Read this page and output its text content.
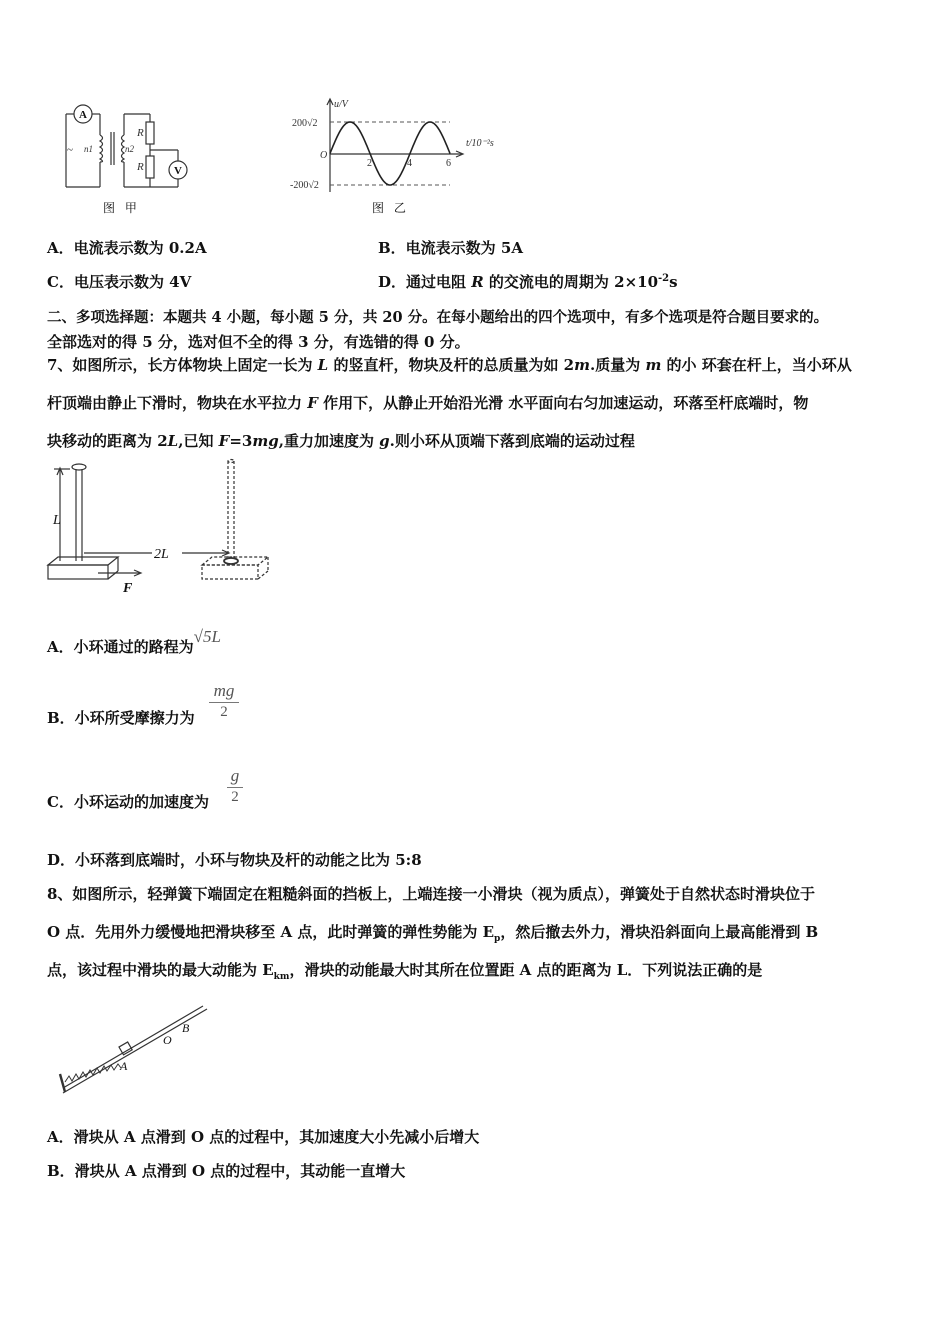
~
A
V
n1	n2
R
R
图 甲
u/V
t/10⁻²s
200√2
-200√2
O
2	4	6
图 乙
A．电流表示数为 0.2A	B．电流表示数为 5A
C．电压表示数为 4V	D．通过电阻 R 的交流电的周期为 $2\times 10^{-2}s$
二、多项选择题：本题共 4 小题，每小题 5 分，共 20 分。在每小题给出的四个选项中，有多个选项是符合题目要求的。
全部选对的得 5 分，选对但不全的得 3 分，有选错的得 0 分。
7、如图所示，长方体物块上固定一长为 L 的竖直杆，物块及杆的总质量为如 2m.质量为 m 的小 环套在杆上，当小环从
杆顶端由静止下滑时，物块在水平拉力 F 作用下，从静止开始沿光滑 水平面向右匀加速运动，环落至杆底端时，物
块移动的距离为 2L,已知 F=3mg,重力加速度为 g.则小环从顶端下落到底端的运动过程
L
2L
F
A．小环通过的路程为√5L
B．小环所受摩擦力为
mg
2
C．小环运动的加速度为
g
2
D．小环落到底端时，小环与物块及杆的动能之比为 5:8
8、如图所示，轻弹簧下端固定在粗糙斜面的挡板上，上端连接一小滑块（视为质点），弹簧处于自然状态时滑块位于
O 点．先用外力缓慢地把滑块移至 A 点，此时弹簧的弹性势能为 $E_p$，然后撤去外力，滑块沿斜面向上最高能滑到 B
点，该过程中滑块的最大动能为 $E_{km}$，滑块的动能最大时其所在位置距 A 点的距离为 L．下列说法正确的是
A
O
B
A．滑块从 A 点滑到 O 点的过程中，其加速度大小先减小后增大
B．滑块从 A 点滑到 O 点的过程中，其动能一直增大
